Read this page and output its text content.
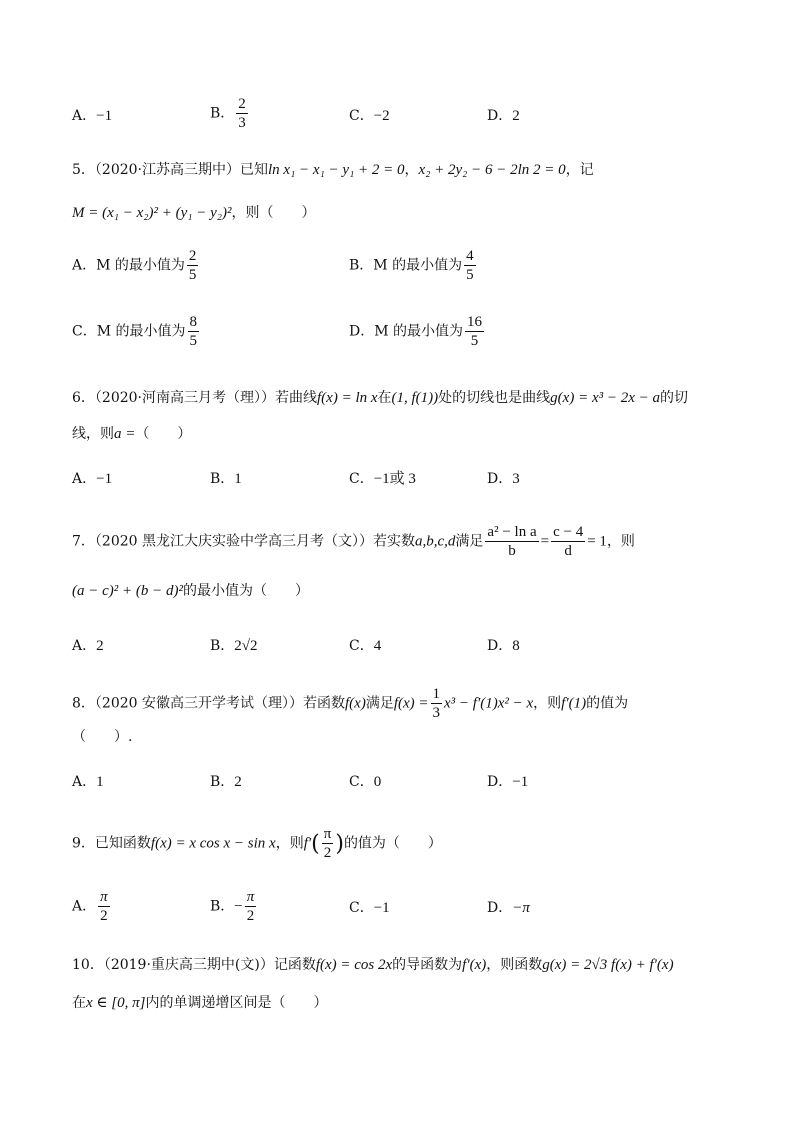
A．−1	B． $\frac{2}{3}$	C．−2	D．2
5．（2020·江苏高三期中）已知ln x₁ − x₁ − y₁ + 2 = 0，x₂ + 2y₂ − 6 − 2ln 2 = 0，记
M = (x₁ − x₂)² + (y₁ − y₂)²，则（　　）
A．M 的最小值为 $\frac{2}{5}$	B．M 的最小值为 $\frac{4}{5}$
C．M 的最小值为 $\frac{8}{5}$	D．M 的最小值为 $\frac{16}{5}$
6．（2020·河南高三月考（理））若曲线f(x) = ln x在(1, f(1))处的切线也是曲线g(x) = x³ − 2x − a的切
线，则a =（　　）
A．−1	B．1	C．−1或 3	D．3
7．（2020 黑龙江大庆实验中学高三月考（文））若实数a,b,c,d满足 $\frac{\text{a² − ln a}}{b} = \frac{c - 4}{d} = 1$，则
(a − c)² + (b − d)²的最小值为（　　）
A．2	B．2√2	C．4	D．8
8．（2020 安徽高三开学考试（理））若函数f(x)满足$f(x) = \frac{1}{3} x^3 - f'(1)x^2 - x$，则f′(1)的值为
（　　）.
A．1	B．2	C．0	D．−1
9．已知函数f(x) = x cos x − sin x，则$f'( \frac{\pi}{2}$ )的值为（　　）
A． $\frac{\pi}{2}$	B．− $\frac{\pi}{2}$	C．−1	D．−π
10．（2019·重庆高三期中(文)）记函数f(x) = cos 2x的导函数为f′(x)，则函数g(x) = 2√3 f(x) + f′(x)
在x ∈ [0, π]内的单调递增区间是（　　）
